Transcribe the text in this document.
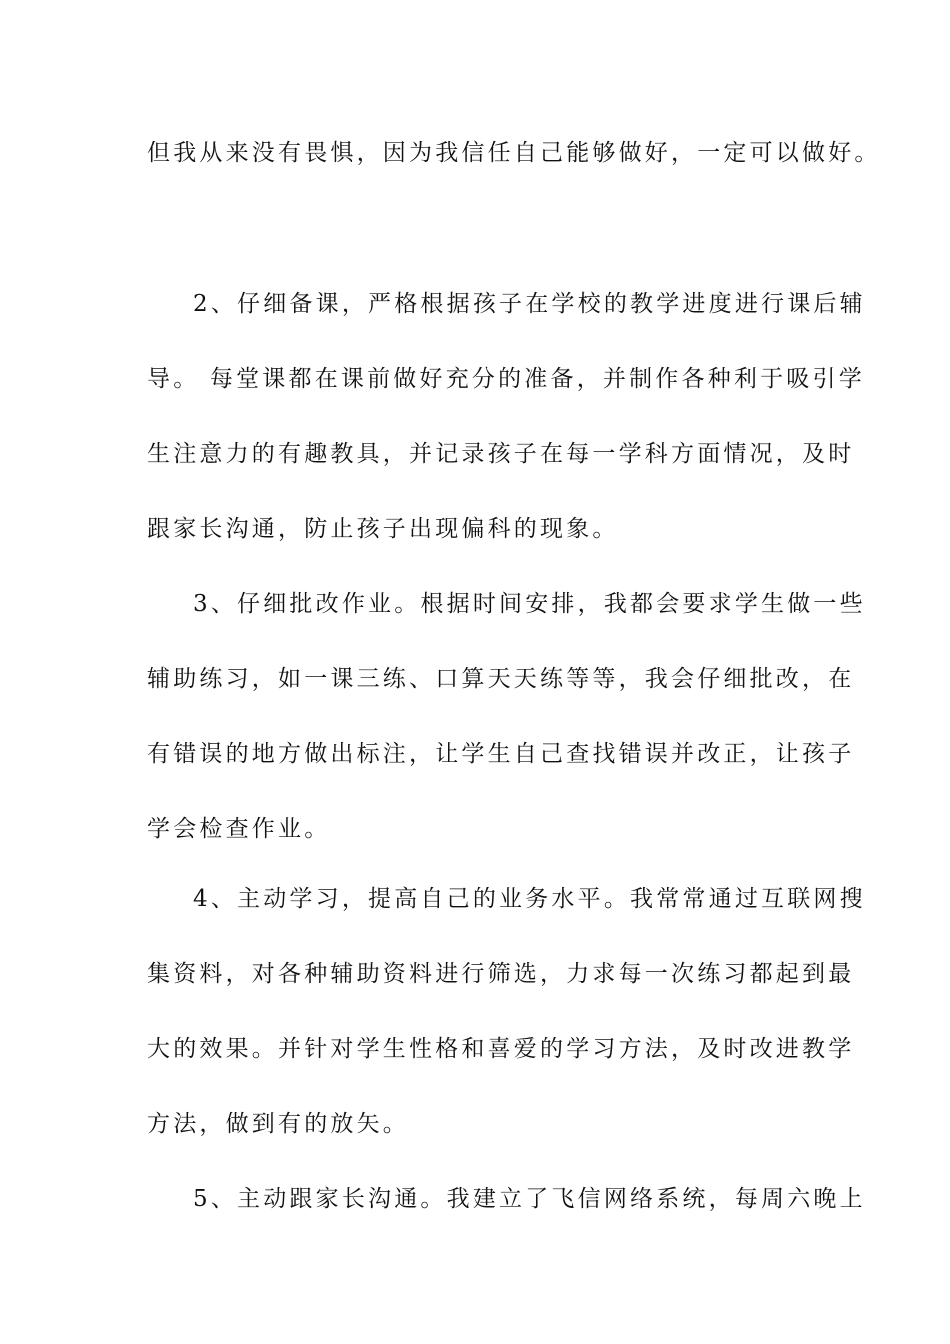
但我从来没有畏惧，因为我信任自己能够做好，一定可以做好。
2、仔细备课，严格根据孩子在学校的教学进度进行课后辅
导。 每堂课都在课前做好充分的准备，并制作各种利于吸引学
生注意力的有趣教具，并记录孩子在每一学科方面情况，及时
跟家长沟通，防止孩子出现偏科的现象。
3、仔细批改作业。根据时间安排，我都会要求学生做一些
辅助练习，如一课三练、口算天天练等等，我会仔细批改，在
有错误的地方做出标注，让学生自己查找错误并改正，让孩子
学会检查作业。
4、主动学习，提高自己的业务水平。我常常通过互联网搜
集资料，对各种辅助资料进行筛选，力求每一次练习都起到最
大的效果。并针对学生性格和喜爱的学习方法，及时改进教学
方法，做到有的放矢。
5、主动跟家长沟通。我建立了飞信网络系统，每周六晚上
